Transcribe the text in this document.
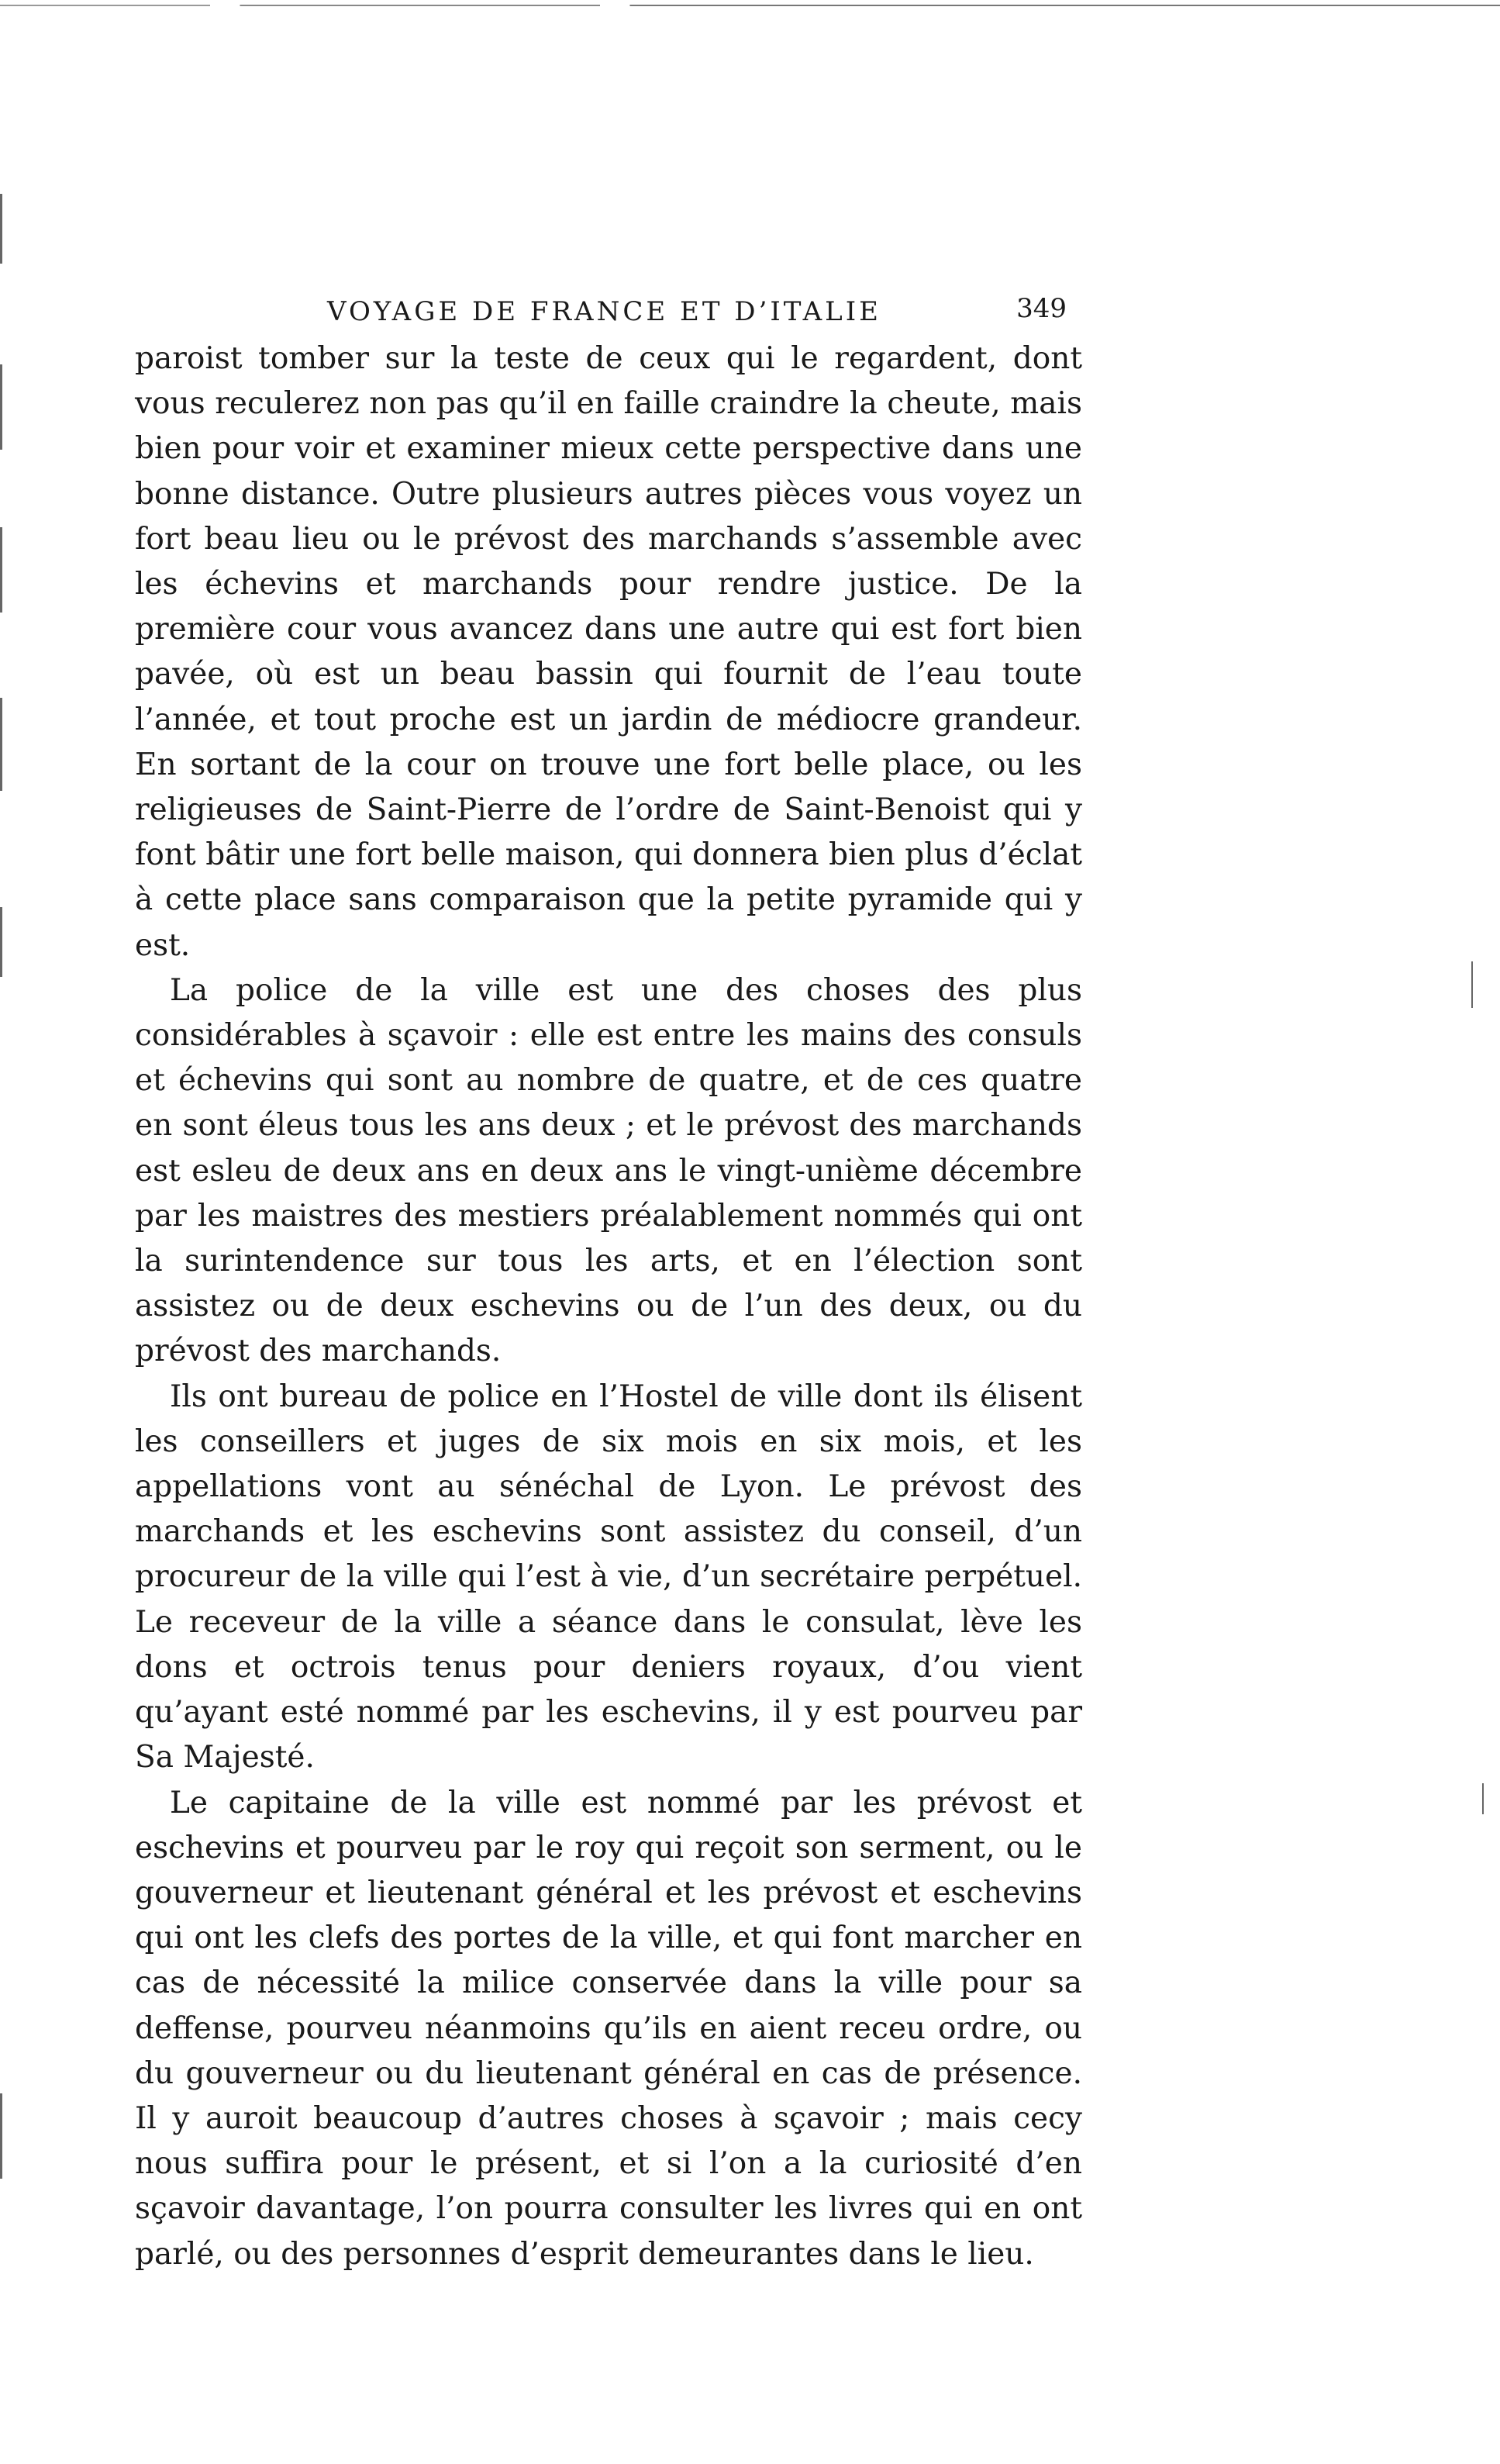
VOYAGE DE FRANCE ET D’ITALIE	349

paroist tomber sur la teste de ceux qui le regardent, dont vous reculerez non pas qu’il en faille craindre la cheute, mais bien pour voir et examiner mieux cette perspective dans une bonne distance. Outre plusieurs autres pièces vous voyez un fort beau lieu ou le prévost des marchands s’assemble avec les échevins et marchands pour rendre justice. De la première cour vous avancez dans une autre qui est fort bien pavée, où est un beau bassin qui fournit de l’eau toute l’année, et tout proche est un jardin de médiocre grandeur. En sortant de la cour on trouve une fort belle place, ou les religieuses de Saint-Pierre de l’ordre de Saint-Benoist qui y font bâtir une fort belle maison, qui donnera bien plus d’éclat à cette place sans comparaison que la petite pyramide qui y est.

La police de la ville est une des choses des plus considérables à sçavoir : elle est entre les mains des consuls et échevins qui sont au nombre de quatre, et de ces quatre en sont éleus tous les ans deux ; et le prévost des marchands est esleu de deux ans en deux ans le vingt-unième décembre par les maistres des mestiers préalablement nommés qui ont la surintendence sur tous les arts, et en l’élection sont assistez ou de deux eschevins ou de l’un des deux, ou du prévost des marchands.

Ils ont bureau de police en l’Hostel de ville dont ils élisent les conseillers et juges de six mois en six mois, et les appellations vont au sénéchal de Lyon. Le prévost des marchands et les eschevins sont assistez du conseil, d’un procureur de la ville qui l’est à vie, d’un secrétaire perpétuel. Le receveur de la ville a séance dans le consulat, lève les dons et octrois tenus pour deniers royaux, d’ou vient qu’ayant esté nommé par les eschevins, il y est pourveu par Sa Majesté.

Le capitaine de la ville est nommé par les prévost et eschevins et pourveu par le roy qui reçoit son serment, ou le gouverneur et lieutenant général et les prévost et eschevins qui ont les clefs des portes de la ville, et qui font marcher en cas de nécessité la milice conservée dans la ville pour sa deffense, pourveu néanmoins qu’ils en aient receu ordre, ou du gouverneur ou du lieutenant général en cas de présence. Il y auroit beaucoup d’autres choses à sçavoir ; mais cecy nous suffira pour le présent, et si l’on a la curiosité d’en sçavoir davantage, l’on pourra consulter les livres qui en ont parlé, ou des personnes d’esprit demeurantes dans le lieu.
